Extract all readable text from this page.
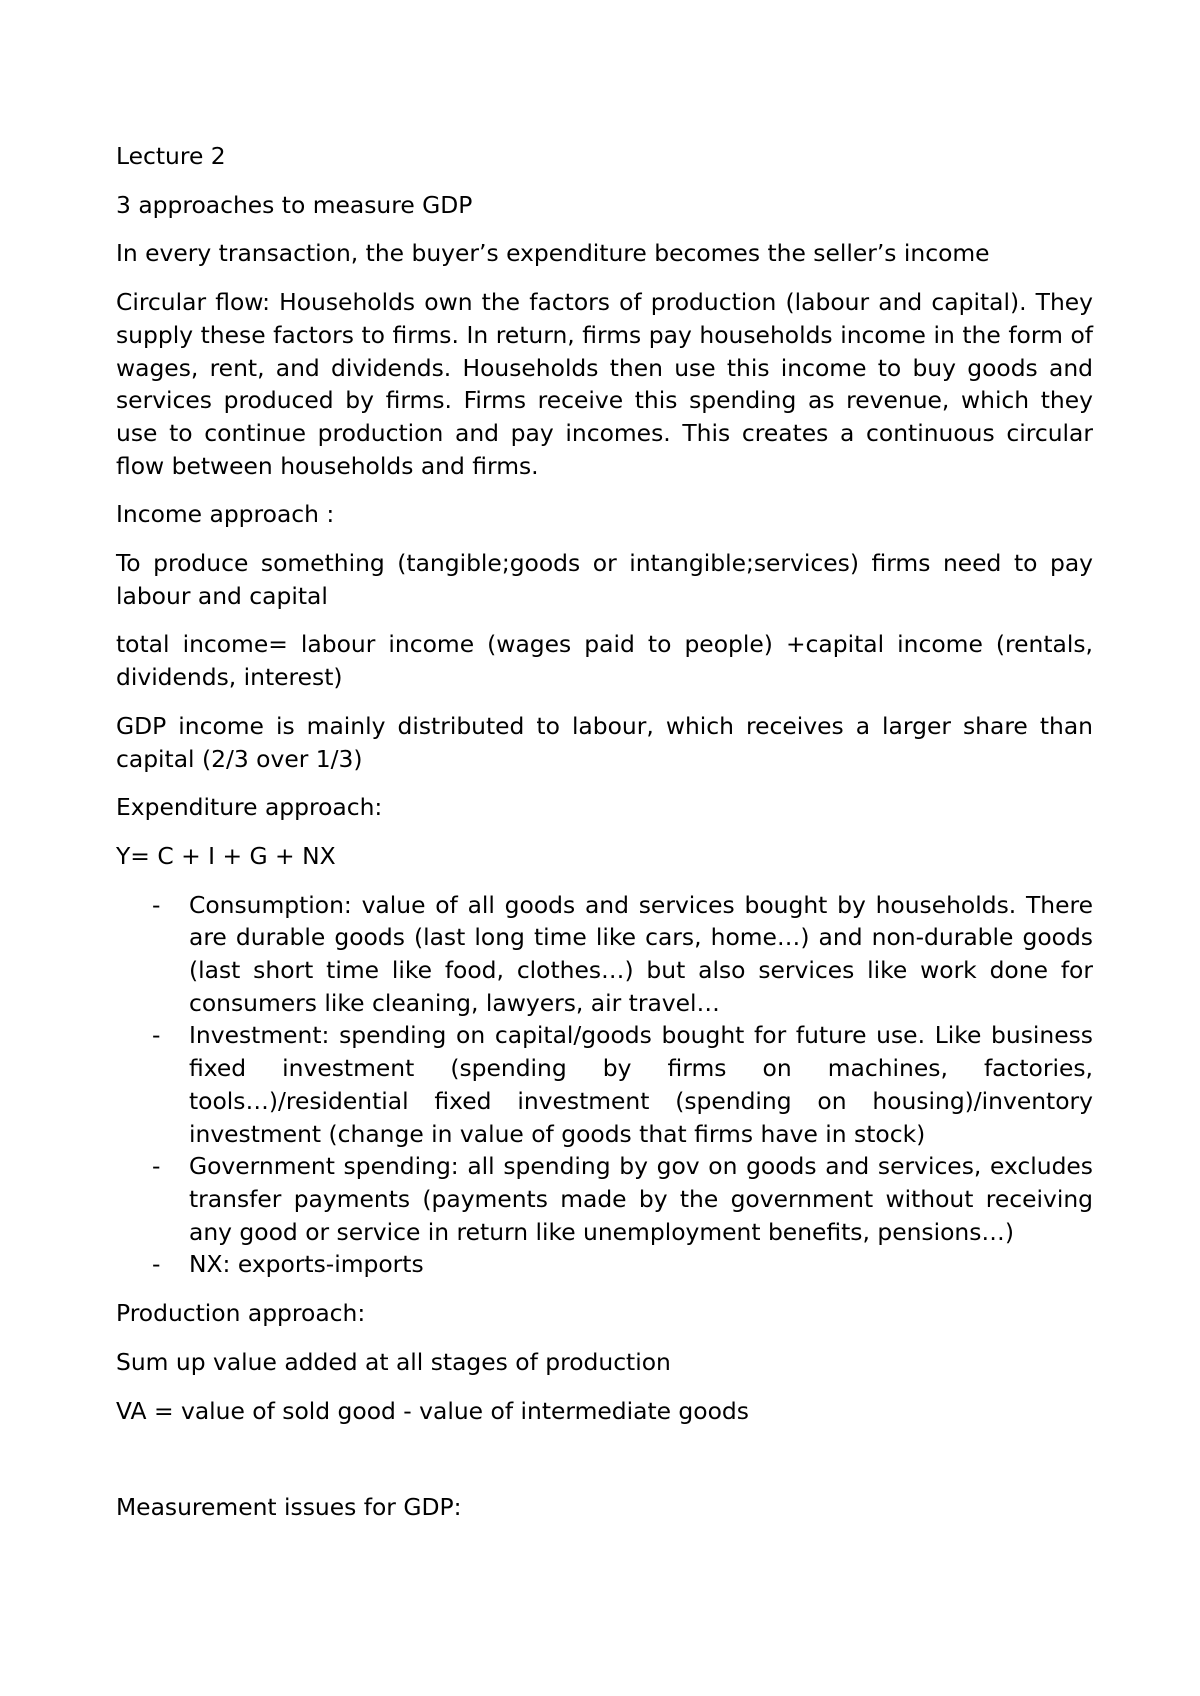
Lecture 2

3 approaches to measure GDP

In every transaction, the buyer’s expenditure becomes the seller’s income

Circular flow: Households own the factors of production (labour and capital). They supply these factors to firms. In return, firms pay households income in the form of wages, rent, and dividends. Households then use this income to buy goods and services produced by firms. Firms receive this spending as revenue, which they use to continue production and pay incomes. This creates a continuous circular flow between households and firms.

Income approach :

To produce something (tangible;goods or intangible;services) firms need to pay labour and capital

total income= labour income (wages paid to people) +capital income (rentals, dividends, interest)

GDP income is mainly distributed to labour, which receives a larger share than capital (2/3 over 1/3)

Expenditure approach:

Y= C + I + G + NX

- Consumption: value of all goods and services bought by households. There are durable goods (last long time like cars, home…) and non-durable goods (last short time like food, clothes…) but also services like work done for consumers like cleaning, lawyers, air travel…
- Investment: spending on capital/goods bought for future use. Like business fixed investment (spending by firms on machines, factories, tools…)/residential fixed investment (spending on housing)/inventory investment (change in value of goods that firms have in stock)
- Government spending: all spending by gov on goods and services, excludes transfer payments (payments made by the government without receiving any good or service in return like unemployment benefits, pensions…)
- NX: exports-imports

Production approach:

Sum up value added at all stages of production

VA = value of sold good - value of intermediate goods

Measurement issues for GDP:
